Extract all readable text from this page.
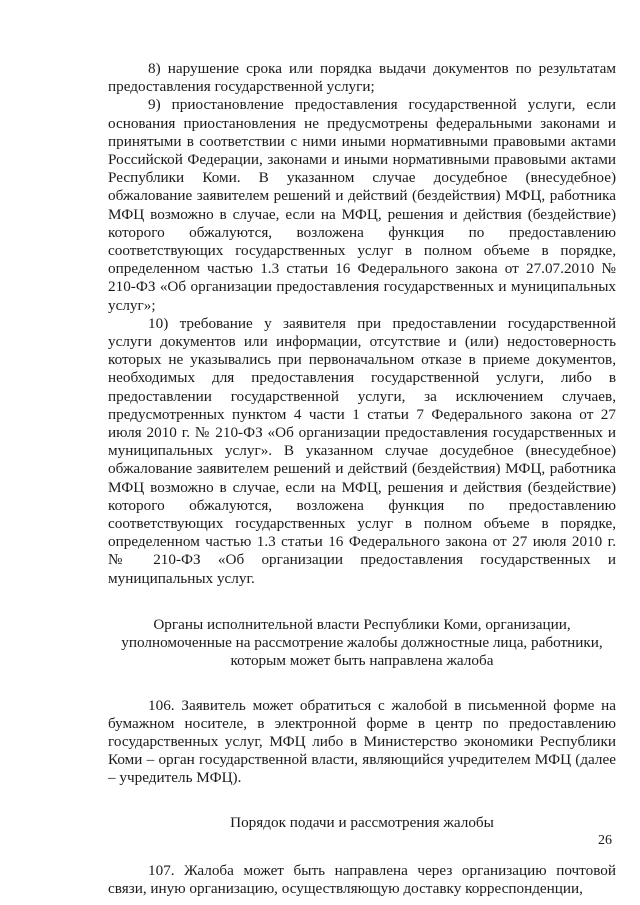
8) нарушение срока или порядка выдачи документов по результатам предоставления государственной услуги;

9) приостановление предоставления государственной услуги, если основания приостановления не предусмотрены федеральными законами и принятыми в соответствии с ними иными нормативными правовыми актами Российской Федерации, законами и иными нормативными правовыми актами Республики Коми. В указанном случае досудебное (внесудебное) обжалование заявителем решений и действий (бездействия) МФЦ, работника МФЦ возможно в случае, если на МФЦ, решения и действия (бездействие) которого обжалуются, возложена функция по предоставлению соответствующих государственных услуг в полном объеме в порядке, определенном частью 1.3 статьи 16 Федерального закона от 27.07.2010 № 210-ФЗ «Об организации предоставления государственных и муниципальных услуг»;

10) требование у заявителя при предоставлении государственной услуги документов или информации, отсутствие и (или) недостоверность которых не указывались при первоначальном отказе в приеме документов, необходимых для предоставления государственной услуги, либо в предоставлении государственной услуги, за исключением случаев, предусмотренных пунктом 4 части 1 статьи 7 Федерального закона от 27 июля 2010 г. № 210-ФЗ «Об организации предоставления государственных и муниципальных услуг». В указанном случае досудебное (внесудебное) обжалование заявителем решений и действий (бездействия) МФЦ, работника МФЦ возможно в случае, если на МФЦ, решения и действия (бездействие) которого обжалуются, возложена функция по предоставлению соответствующих государственных услуг в полном объеме в порядке, определенном частью 1.3 статьи 16 Федерального закона от 27 июля 2010 г. № 210-ФЗ «Об организации предоставления государственных и муниципальных услуг.

Органы исполнительной власти Республики Коми, организации, уполномоченные на рассмотрение жалобы должностные лица, работники, которым может быть направлена жалоба

106. Заявитель может обратиться с жалобой в письменной форме на бумажном носителе, в электронной форме в центр по предоставлению государственных услуг, МФЦ либо в Министерство экономики Республики Коми – орган государственной власти, являющийся учредителем МФЦ (далее – учредитель МФЦ).

Порядок подачи и рассмотрения жалобы

107. Жалоба может быть направлена через организацию почтовой связи, иную организацию, осуществляющую доставку корреспонденции,

26
